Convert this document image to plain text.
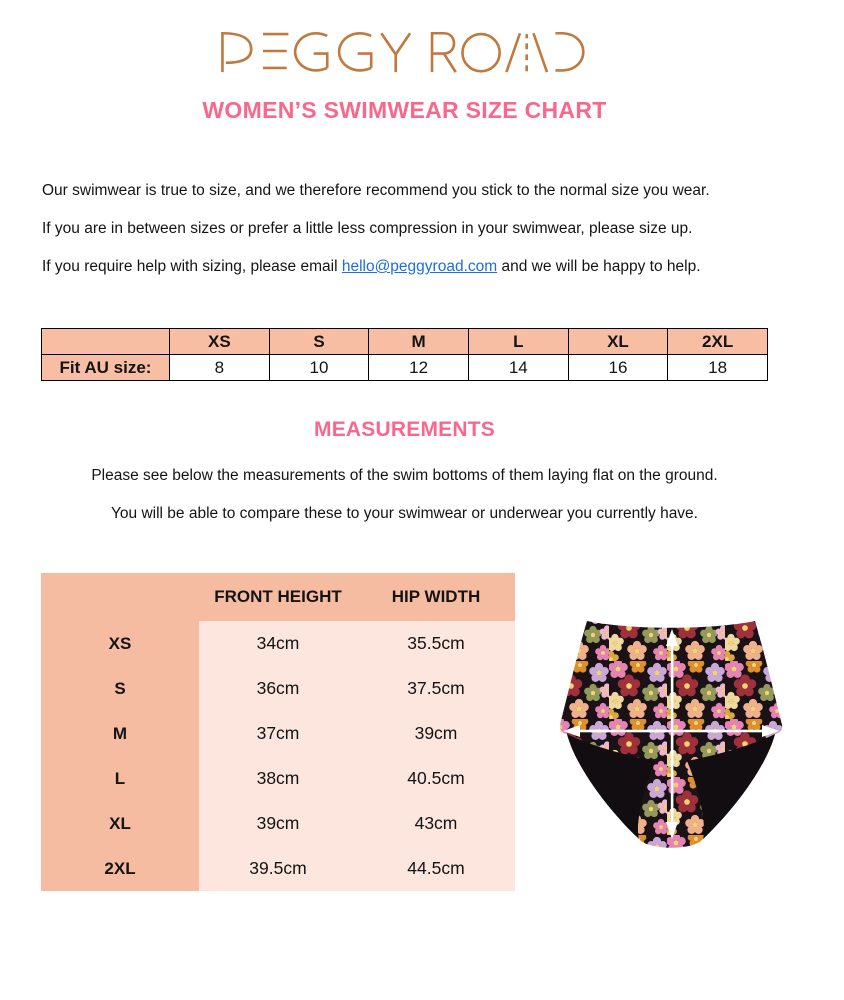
WOMEN’S SWIMWEAR SIZE CHART

Our swimwear is true to size, and we therefore recommend you stick to the normal size you wear.

If you are in between sizes or prefer a little less compression in your swimwear, please size up.

If you require help with sizing, please email hello@peggyroad.com and we will be happy to help.

	XS	S	M	L	XL	2XL
Fit AU size:	8	10	12	14	16	18
MEASUREMENTS

Please see below the measurements of the swim bottoms of them laying flat on the ground.

You will be able to compare these to your swimwear or underwear you currently have.

	FRONT HEIGHT	HIP WIDTH
XS	34cm	35.5cm
S	36cm	37.5cm
M	37cm	39cm
L	38cm	40.5cm
XL	39cm	43cm
2XL	39.5cm	44.5cm
